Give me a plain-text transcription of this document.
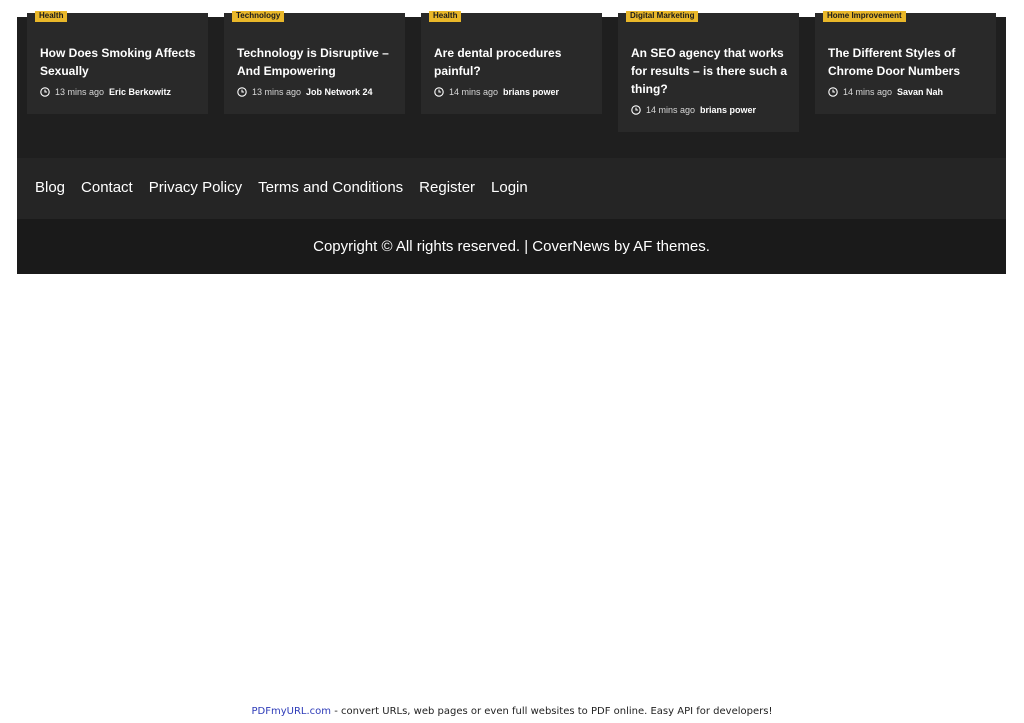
Health
How Does Smoking Affects Sexually
13 mins ago Eric Berkowitz
Technology
Technology is Disruptive – And Empowering
13 mins ago Job Network 24
Health
Are dental procedures painful?
14 mins ago brians power
Digital Marketing
An SEO agency that works for results – is there such a thing?
14 mins ago brians power
Home Improvement
The Different Styles of Chrome Door Numbers
14 mins ago Savan Nah
Blog Contact Privacy Policy Terms and Conditions Register Login
Copyright © All rights reserved. | CoverNews by AF themes.
PDFmyURL.com - convert URLs, web pages or even full websites to PDF online. Easy API for developers!
